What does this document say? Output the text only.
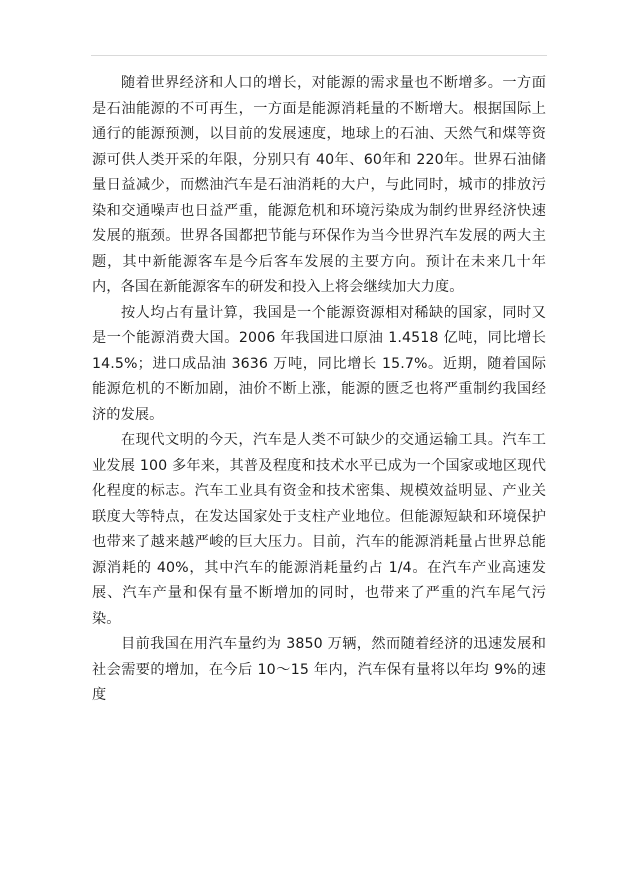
随着世界经济和人口的增长，对能源的需求量也不断增多。一方面是石油能源的不可再生，一方面是能源消耗量的不断增大。根据国际上通行的能源预测，以目前的发展速度，地球上的石油、天然气和煤等资源可供人类开采的年限，分别只有 40年、60年和 220年。世界石油储量日益减少，而燃油汽车是石油消耗的大户，与此同时，城市的排放污染和交通噪声也日益严重，能源危机和环境污染成为制约世界经济快速发展的瓶颈。世界各国都把节能与环保作为当今世界汽车发展的两大主题，其中新能源客车是今后客车发展的主要方向。预计在未来几十年内，各国在新能源客车的研发和投入上将会继续加大力度。

按人均占有量计算，我国是一个能源资源相对稀缺的国家，同时又是一个能源消费大国。2006 年我国进口原油 1.4518 亿吨，同比增长 14.5%；进口成品油 3636 万吨，同比增长 15.7%。近期，随着国际能源危机的不断加剧，油价不断上涨，能源的匮乏也将严重制约我国经济的发展。

在现代文明的今天，汽车是人类不可缺少的交通运输工具。汽车工业发展 100 多年来，其普及程度和技术水平已成为一个国家或地区现代化程度的标志。汽车工业具有资金和技术密集、规模效益明显、产业关联度大等特点，在发达国家处于支柱产业地位。但能源短缺和环境保护也带来了越来越严峻的巨大压力。目前，汽车的能源消耗量占世界总能源消耗的 40%，其中汽车的能源消耗量约占 1/4。在汽车产业高速发展、汽车产量和保有量不断增加的同时，也带来了严重的汽车尾气污染。

目前我国在用汽车量约为 3850 万辆，然而随着经济的迅速发展和社会需要的增加，在今后 10～15 年内，汽车保有量将以年均 9%的速度
